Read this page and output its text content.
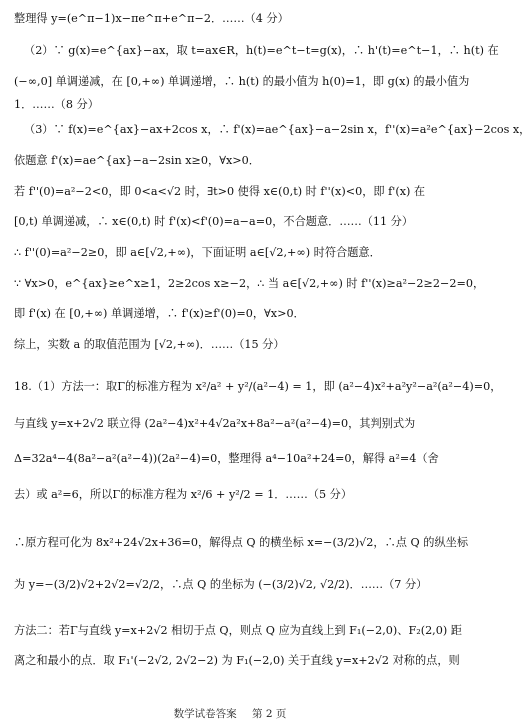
整理得 y=(e^π−1)x−πe^π+e^π−2．……（4 分）
（2）∵ g(x)=e^{ax}−ax，取 t=ax∈R，h(t)=e^t−t=g(x)，∴ h'(t)=e^t−1，∴ h(t) 在
(−∞,0] 单调递减，在 [0,+∞) 单调递增，∴ h(t) 的最小值为 h(0)=1，即 g(x) 的最小值为
1．……（8 分）
（3）∵ f(x)=e^{ax}−ax+2cos x，∴ f'(x)=ae^{ax}−a−2sin x，f''(x)=a²e^{ax}−2cos x，
依题意 f'(x)=ae^{ax}−a−2sin x≥0，∀x>0．
若 f''(0)=a²−2<0，即 0<a<√2 时，∃t>0 使得 x∈(0,t) 时 f''(x)<0，即 f'(x) 在
[0,t) 单调递减，∴ x∈(0,t) 时 f'(x)<f'(0)=a−a=0，不合题意．……（11 分）
∴ f''(0)=a²−2≥0，即 a∈[√2,+∞)，下面证明 a∈[√2,+∞) 时符合题意．
∵ ∀x>0，e^{ax}≥e^x≥1，2≥2cos x≥−2，∴ 当 a∈[√2,+∞) 时 f''(x)≥a²−2≥2−2=0，
即 f'(x) 在 [0,+∞) 单调递增，∴ f'(x)≥f'(0)=0，∀x>0．
综上，实数 a 的取值范围为 [√2,+∞)．……（15 分）
18.（1）方法一：取Γ的标准方程为 x²/a² + y²/(a²−4) = 1，即 (a²−4)x²+a²y²−a²(a²−4)=0，
与直线 y=x+2√2 联立得 (2a²−4)x²+4√2a²x+8a²−a²(a²−4)=0，其判别式为
Δ=32a⁴−4(8a²−a²(a²−4))(2a²−4)=0，整理得 a⁴−10a²+24=0，解得 a²=4（舍
去）或 a²=6，所以Γ的标准方程为 x²/6 + y²/2 = 1．……（5 分）
∴原方程可化为 8x²+24√2x+36=0，解得点 Q 的横坐标 x=−(3/2)√2，∴点 Q 的纵坐标
为 y=−(3/2)√2+2√2=√2/2，∴点 Q 的坐标为 (−(3/2)√2, √2/2)．……（7 分）
方法二：若Γ与直线 y=x+2√2 相切于点 Q，则点 Q 应为直线上到 F₁(−2,0)、F₂(2,0) 距
离之和最小的点．取 F₁'(−2√2, 2√2−2) 为 F₁(−2,0) 关于直线 y=x+2√2 对称的点，则
数学试卷答案 第 2 页
